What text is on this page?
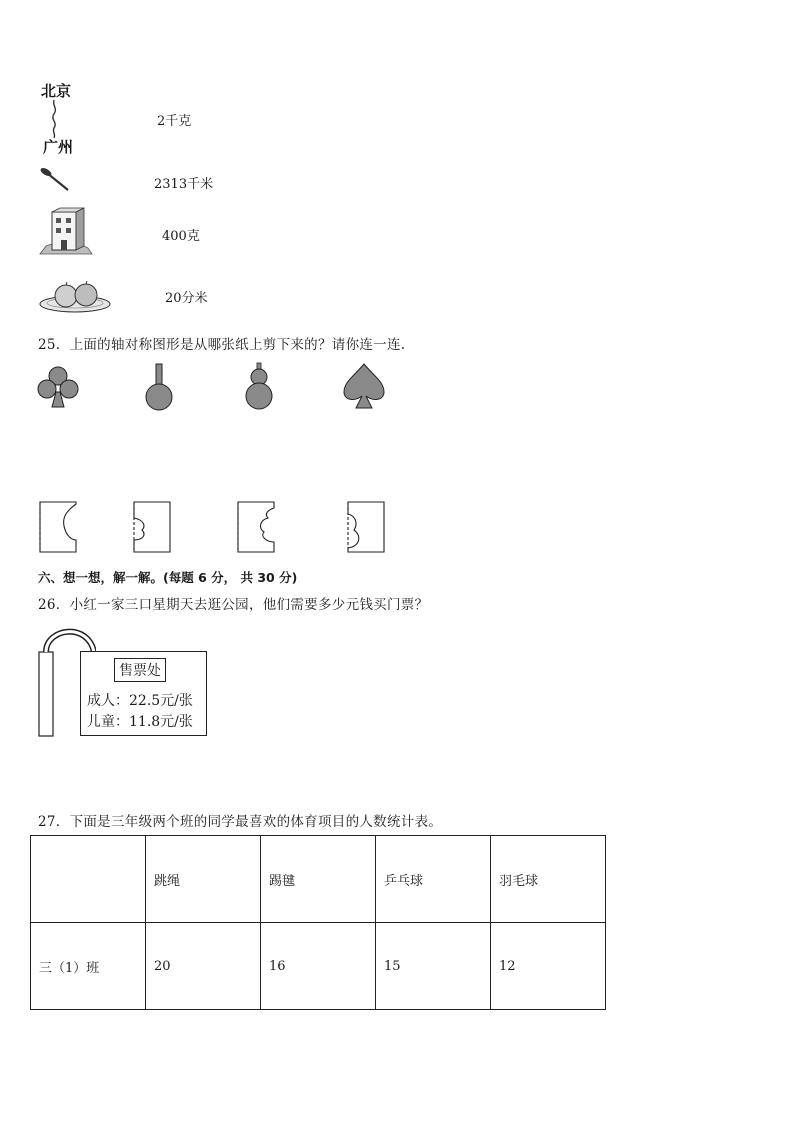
北京
广州
2千克
2313千米
400克
20分米
25．上面的轴对称图形是从哪张纸上剪下来的？请你连一连.
六、想一想，解一解。(每题 6 分， 共 30 分)
26．小红一家三口星期天去逛公园，他们需要多少元钱买门票？
售票处
成人：22.5元/张
儿童：11.8元/张
27．下面是三年级两个班的同学最喜欢的体育项目的人数统计表。
	跳绳	踢毽	乒乓球	羽毛球
三（1）班	20	16	15	12
